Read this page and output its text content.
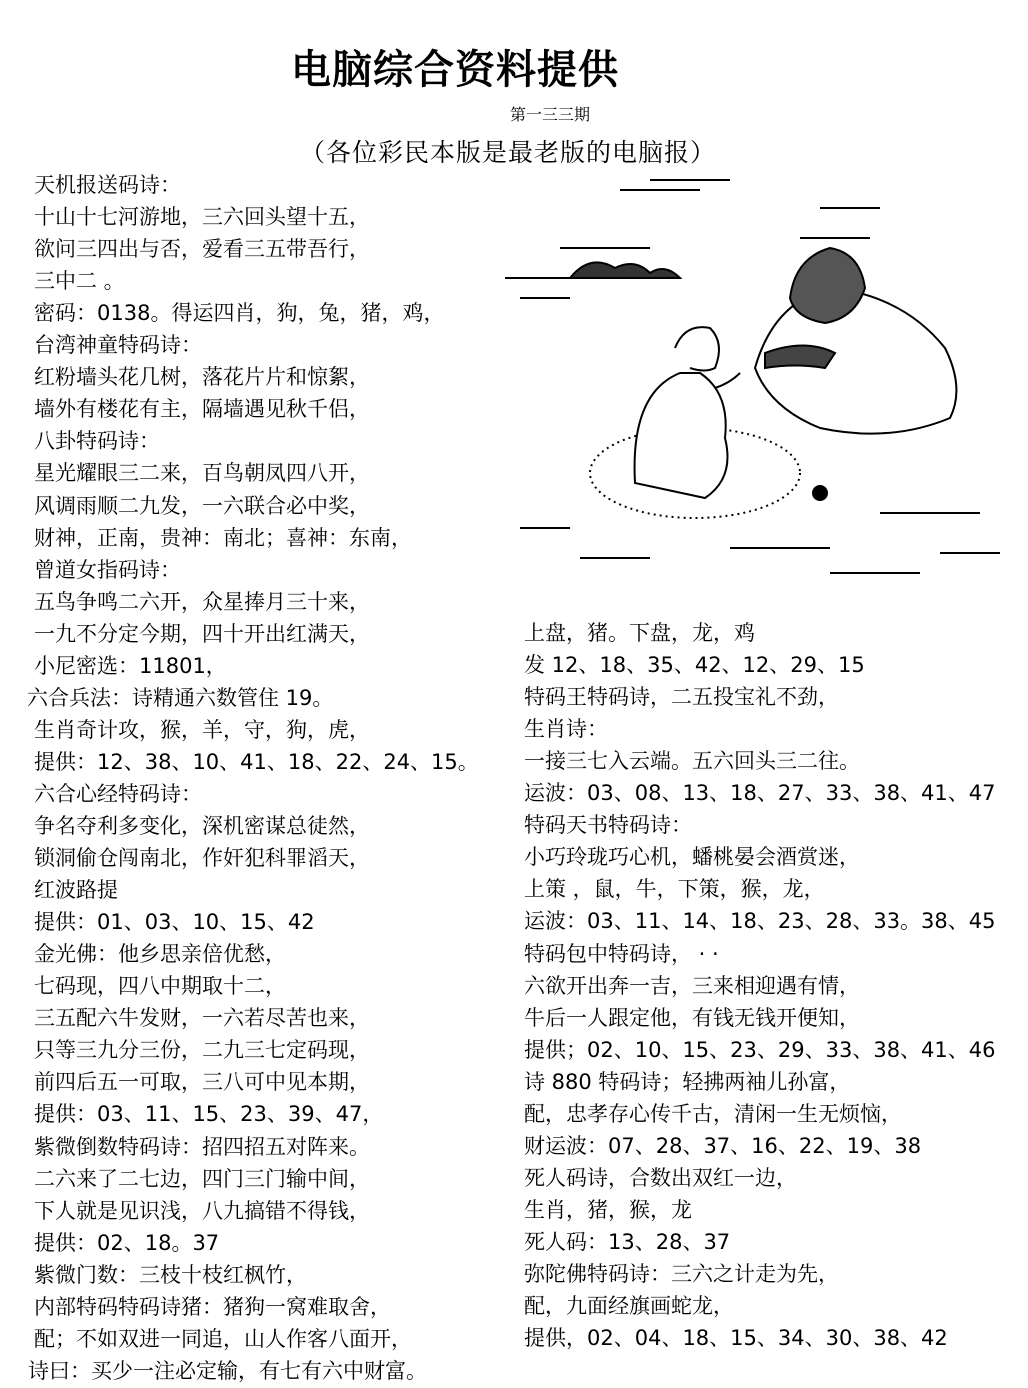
电脑综合资料提供
第一三三期
（各位彩民本版是最老版的电脑报）
天机报送码诗：
十山十七河游地，三六回头望十五，
欲问三四出与否，爱看三五带吾行，
三中二 。
密码：0138。得运四肖，狗，兔，猪，鸡，
台湾神童特码诗：
红粉墙头花几树，落花片片和惊絮，
墙外有楼花有主，隔墙遇见秋千侣，
八卦特码诗：
星光耀眼三二来，百鸟朝凤四八开，
风调雨顺二九发，一六联合必中奖，
财神，正南，贵神：南北；喜神：东南，
曾道女指码诗：
五鸟争鸣二六开，众星捧月三十来，
一九不分定今期，四十开出红满天，
小尼密选：11801，
六合兵法：诗精通六数管住 19。
生肖奇计攻，猴，羊，守，狗，虎，
提供：12、38、10、41、18、22、24、15。
六合心经特码诗：
争名夺利多变化，深机密谋总徒然，
锁洞偷仓闯南北，作奸犯科罪滔天，
红波路提
提供：01、03、10、15、42
金光佛：他乡思亲倍优愁，
七码现，四八中期取十二，
三五配六牛发财，一六若尽苦也来，
只等三九分三份，二九三七定码现，
前四后五一可取，三八可中见本期，
提供：03、11、15、23、39、47，
紫微倒数特码诗：招四招五对阵来。
二六来了二七边，四门三门输中间，
下人就是见识浅，八九搞错不得钱，
提供：02、18。37
紫微门数：三枝十枝红枫竹，
内部特码特码诗猪：猪狗一窝难取舍，
配；不如双进一同追，山人作客八面开，
诗曰：买少一注必定输，有七有六中财富。
上盘，猪。下盘，龙，鸡
发 12、18、35、42、12、29、15
特码王特码诗，二五投宝礼不劲，
生肖诗：
一接三七入云端。五六回头三二往。
运波：03、08、13、18、27、33、38、41、47
特码天书特码诗：
小巧玲珑巧心机，蟠桃晏会酒赏迷，
上策 ，鼠，牛，下策，猴，龙，
运波：03、11、14、18、23、28、33。38、45
特码包中特码诗， · ·
六欲开出奔一吉，三来相迎遇有情，
牛后一人跟定他，有钱无钱开便知，
提供；02、10、15、23、29、33、38、41、46
诗 880 特码诗；轻拂两袖儿孙富，
配，忠孝存心传千古，清闲一生无烦恼，
财运波：07、28、37、16、22、19、38
死人码诗，合数出双红一边，
生肖，猪，猴，龙
死人码：13、28、37
弥陀佛特码诗：三六之计走为先，
配，九面经旗画蛇龙，
提供，02、04、18、15、34、30、38、42
